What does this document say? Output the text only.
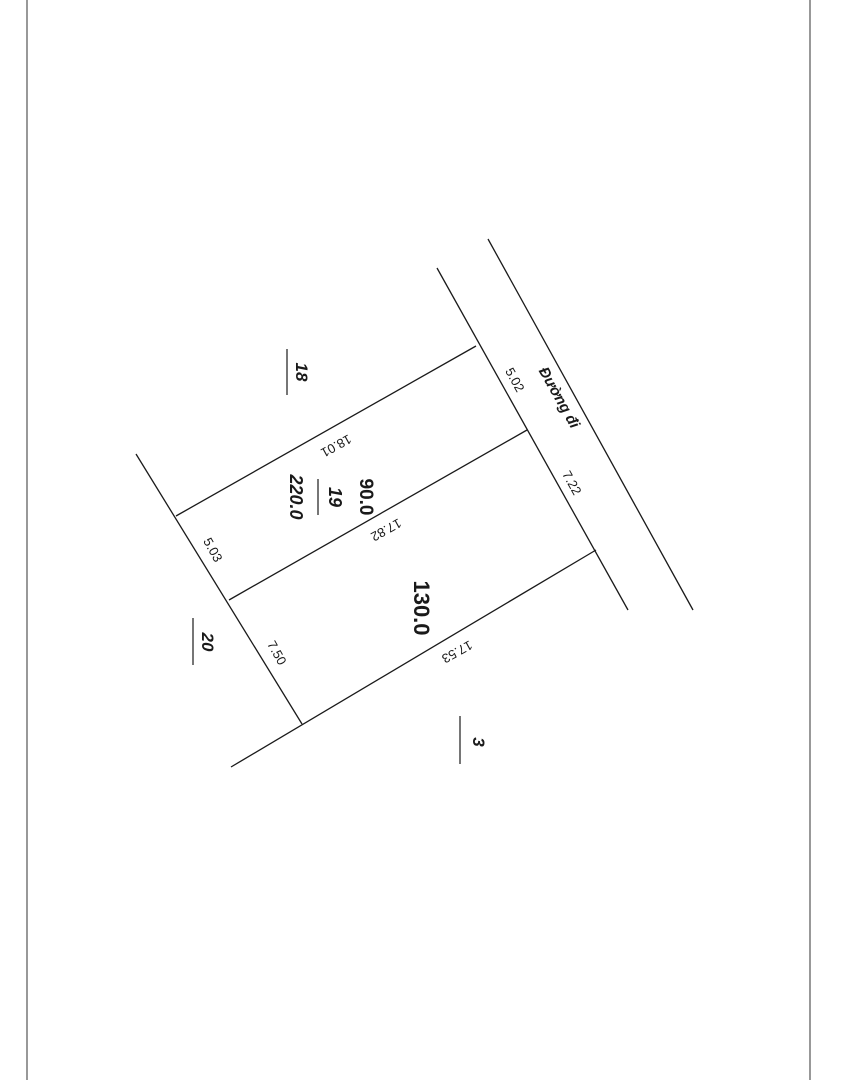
Đường đi
5.02
7.22
5.03
7.50
18.01
17.82
17.53
90.0
19
220.0
130.0
18
20
3
